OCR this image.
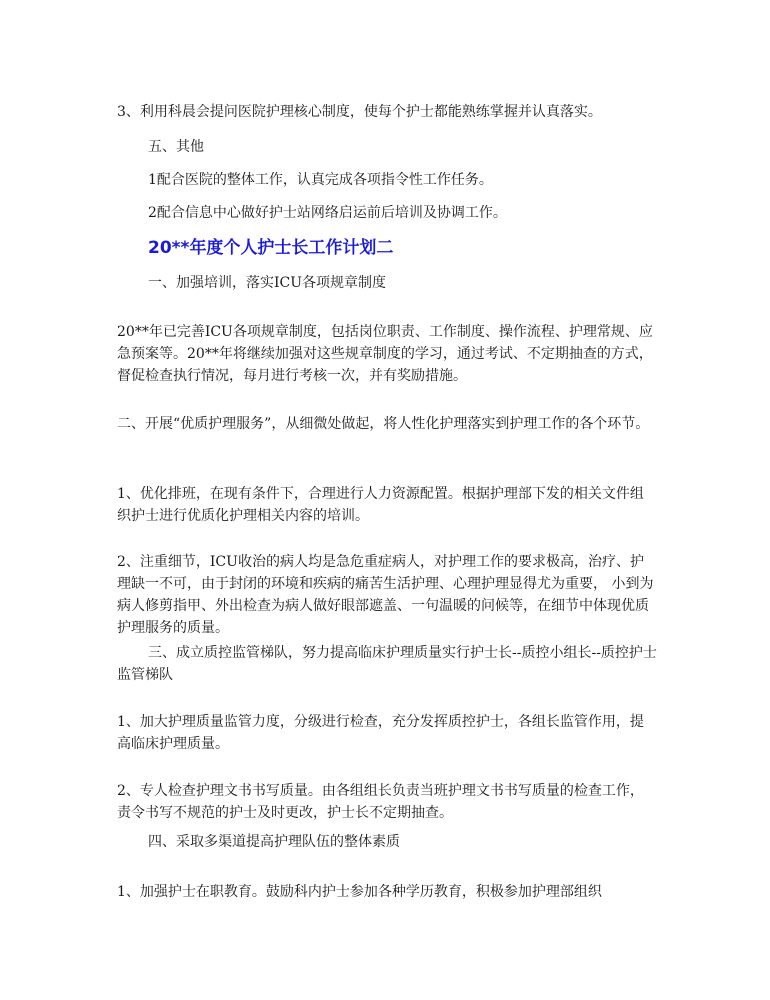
3、利用科晨会提问医院护理核心制度，使每个护士都能熟练掌握并认真落实。

五、其他

1配合医院的整体工作，认真完成各项指令性工作任务。

2配合信息中心做好护士站网络启运前后培训及协调工作。

20**年度个人护士长工作计划二

一、加强培训，落实ICU各项规章制度

20**年已完善ICU各项规章制度，包括岗位职责、工作制度、操作流程、护理常规、应急预案等。20**年将继续加强对这些规章制度的学习，通过考试、不定期抽查的方式，督促检查执行情况，每月进行考核一次，并有奖励措施。

二、开展“优质护理服务”，从细微处做起，将人性化护理落实到护理工作的各个环节。

1、优化排班，在现有条件下，合理进行人力资源配置。根据护理部下发的相关文件组织护士进行优质化护理相关内容的培训。

2、注重细节，ICU收治的病人均是急危重症病人，对护理工作的要求极高，治疗、护理缺一不可，由于封闭的环境和疾病的痛苦生活护理、心理护理显得尤为重要， 小到为病人修剪指甲、外出检查为病人做好眼部遮盖、一句温暖的问候等，在细节中体现优质护理服务的质量。

三、成立质控监管梯队，努力提高临床护理质量实行护士长--质控小组长--质控护士监管梯队

1、加大护理质量监管力度，分级进行检查，充分发挥质控护士，各组长监管作用，提高临床护理质量。

2、专人检查护理文书书写质量。由各组组长负责当班护理文书书写质量的检查工作，责令书写不规范的护士及时更改，护士长不定期抽查。

四、采取多渠道提高护理队伍的整体素质

1、加强护士在职教育。鼓励科内护士参加各种学历教育，积极参加护理部组织
